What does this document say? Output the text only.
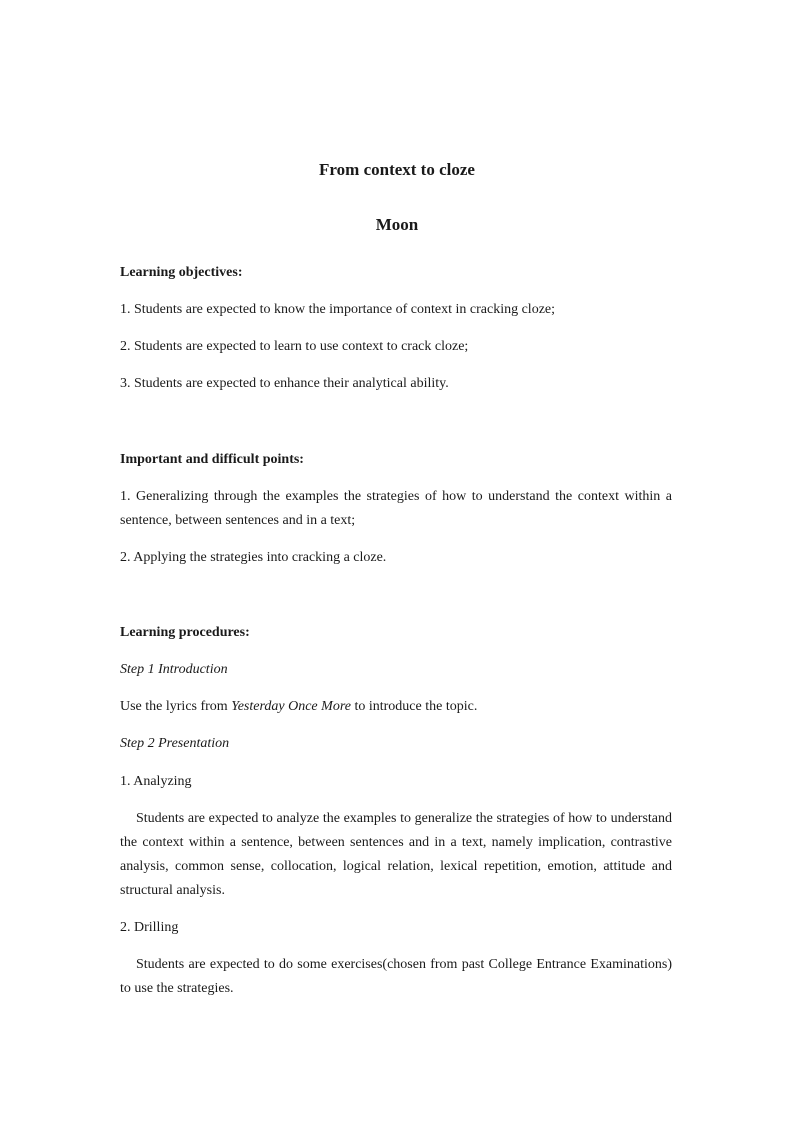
From context to cloze
Moon
Learning objectives:
1. Students are expected to know the importance of context in cracking cloze;
2. Students are expected to learn to use context to crack cloze;
3. Students are expected to enhance their analytical ability.
Important and difficult points:
1. Generalizing through the examples the strategies of how to understand the context within a sentence, between sentences and in a text;
2. Applying the strategies into cracking a cloze.
Learning procedures:
Step 1 Introduction
Use the lyrics from Yesterday Once More to introduce the topic.
Step 2 Presentation
1. Analyzing
Students are expected to analyze the examples to generalize the strategies of how to understand the context within a sentence, between sentences and in a text, namely implication, contrastive analysis, common sense, collocation, logical relation, lexical repetition, emotion, attitude and structural analysis.
2. Drilling
Students are expected to do some exercises(chosen from past College Entrance Examinations) to use the strategies.
